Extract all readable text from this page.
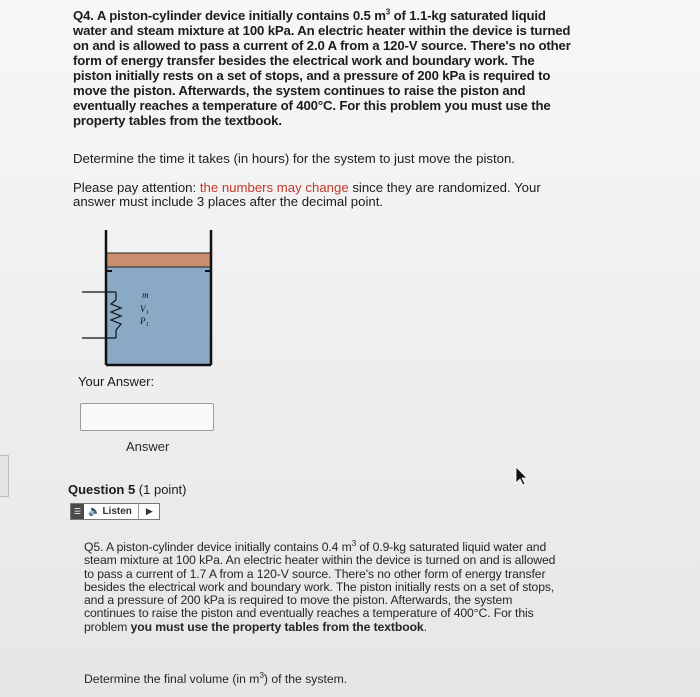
Q4. A piston-cylinder device initially contains 0.5 $m^3$ of 1.1-kg saturated liquid water and steam mixture at 100 kPa. An electric heater within the device is turned on and is allowed to pass a current of 2.0 A from a 120-V source. There's no other form of energy transfer besides the electrical work and boundary work. The piston initially rests on a set of stops, and a pressure of 200 kPa is required to move the piston. Afterwards, the system continues to raise the piston and eventually reaches a temperature of 400°C. For this problem you must use the property tables from the textbook.
Determine the time it takes (in hours) for the system to just move the piston.
Please pay attention: the numbers may change since they are randomized. Your answer must include 3 places after the decimal point.
m
V₁
P₁
Your Answer:
Answer
Question 5 (1 point)
☰ 🔈 Listen ▶
Q5. A piston-cylinder device initially contains 0.4 $m^3$ of 0.9-kg saturated liquid water and steam mixture at 100 kPa. An electric heater within the device is turned on and is allowed to pass a current of 1.7 A from a 120-V source. There's no other form of energy transfer besides the electrical work and boundary work. The piston initially rests on a set of stops, and a pressure of 200 kPa is required to move the piston. Afterwards, the system continues to raise the piston and eventually reaches a temperature of 400°C. For this problem you must use the property tables from the textbook.
Determine the final volume (in $m^3$) of the system.
